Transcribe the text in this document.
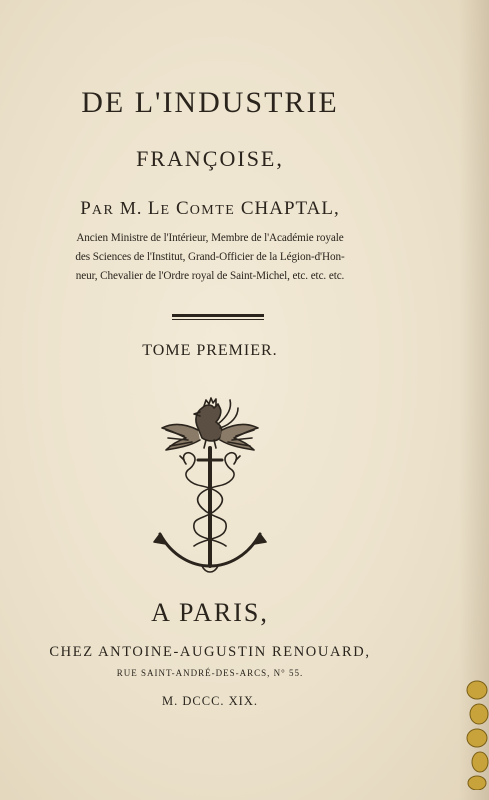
DE L'INDUSTRIE
FRANÇOISE,
PAR M. LE COMTE CHAPTAL,
Ancien Ministre de l'Intérieur, Membre de l'Académie royale
des Sciences de l'Institut, Grand-Officier de la Légion-d'Hon-
neur, Chevalier de l'Ordre royal de Saint-Michel, etc. etc. etc.
TOME PREMIER.
A PARIS,
CHEZ ANTOINE-AUGUSTIN RENOUARD,
RUE SAINT-ANDRÉ-DES-ARCS, N° 55.
M. DCCC. XIX.
